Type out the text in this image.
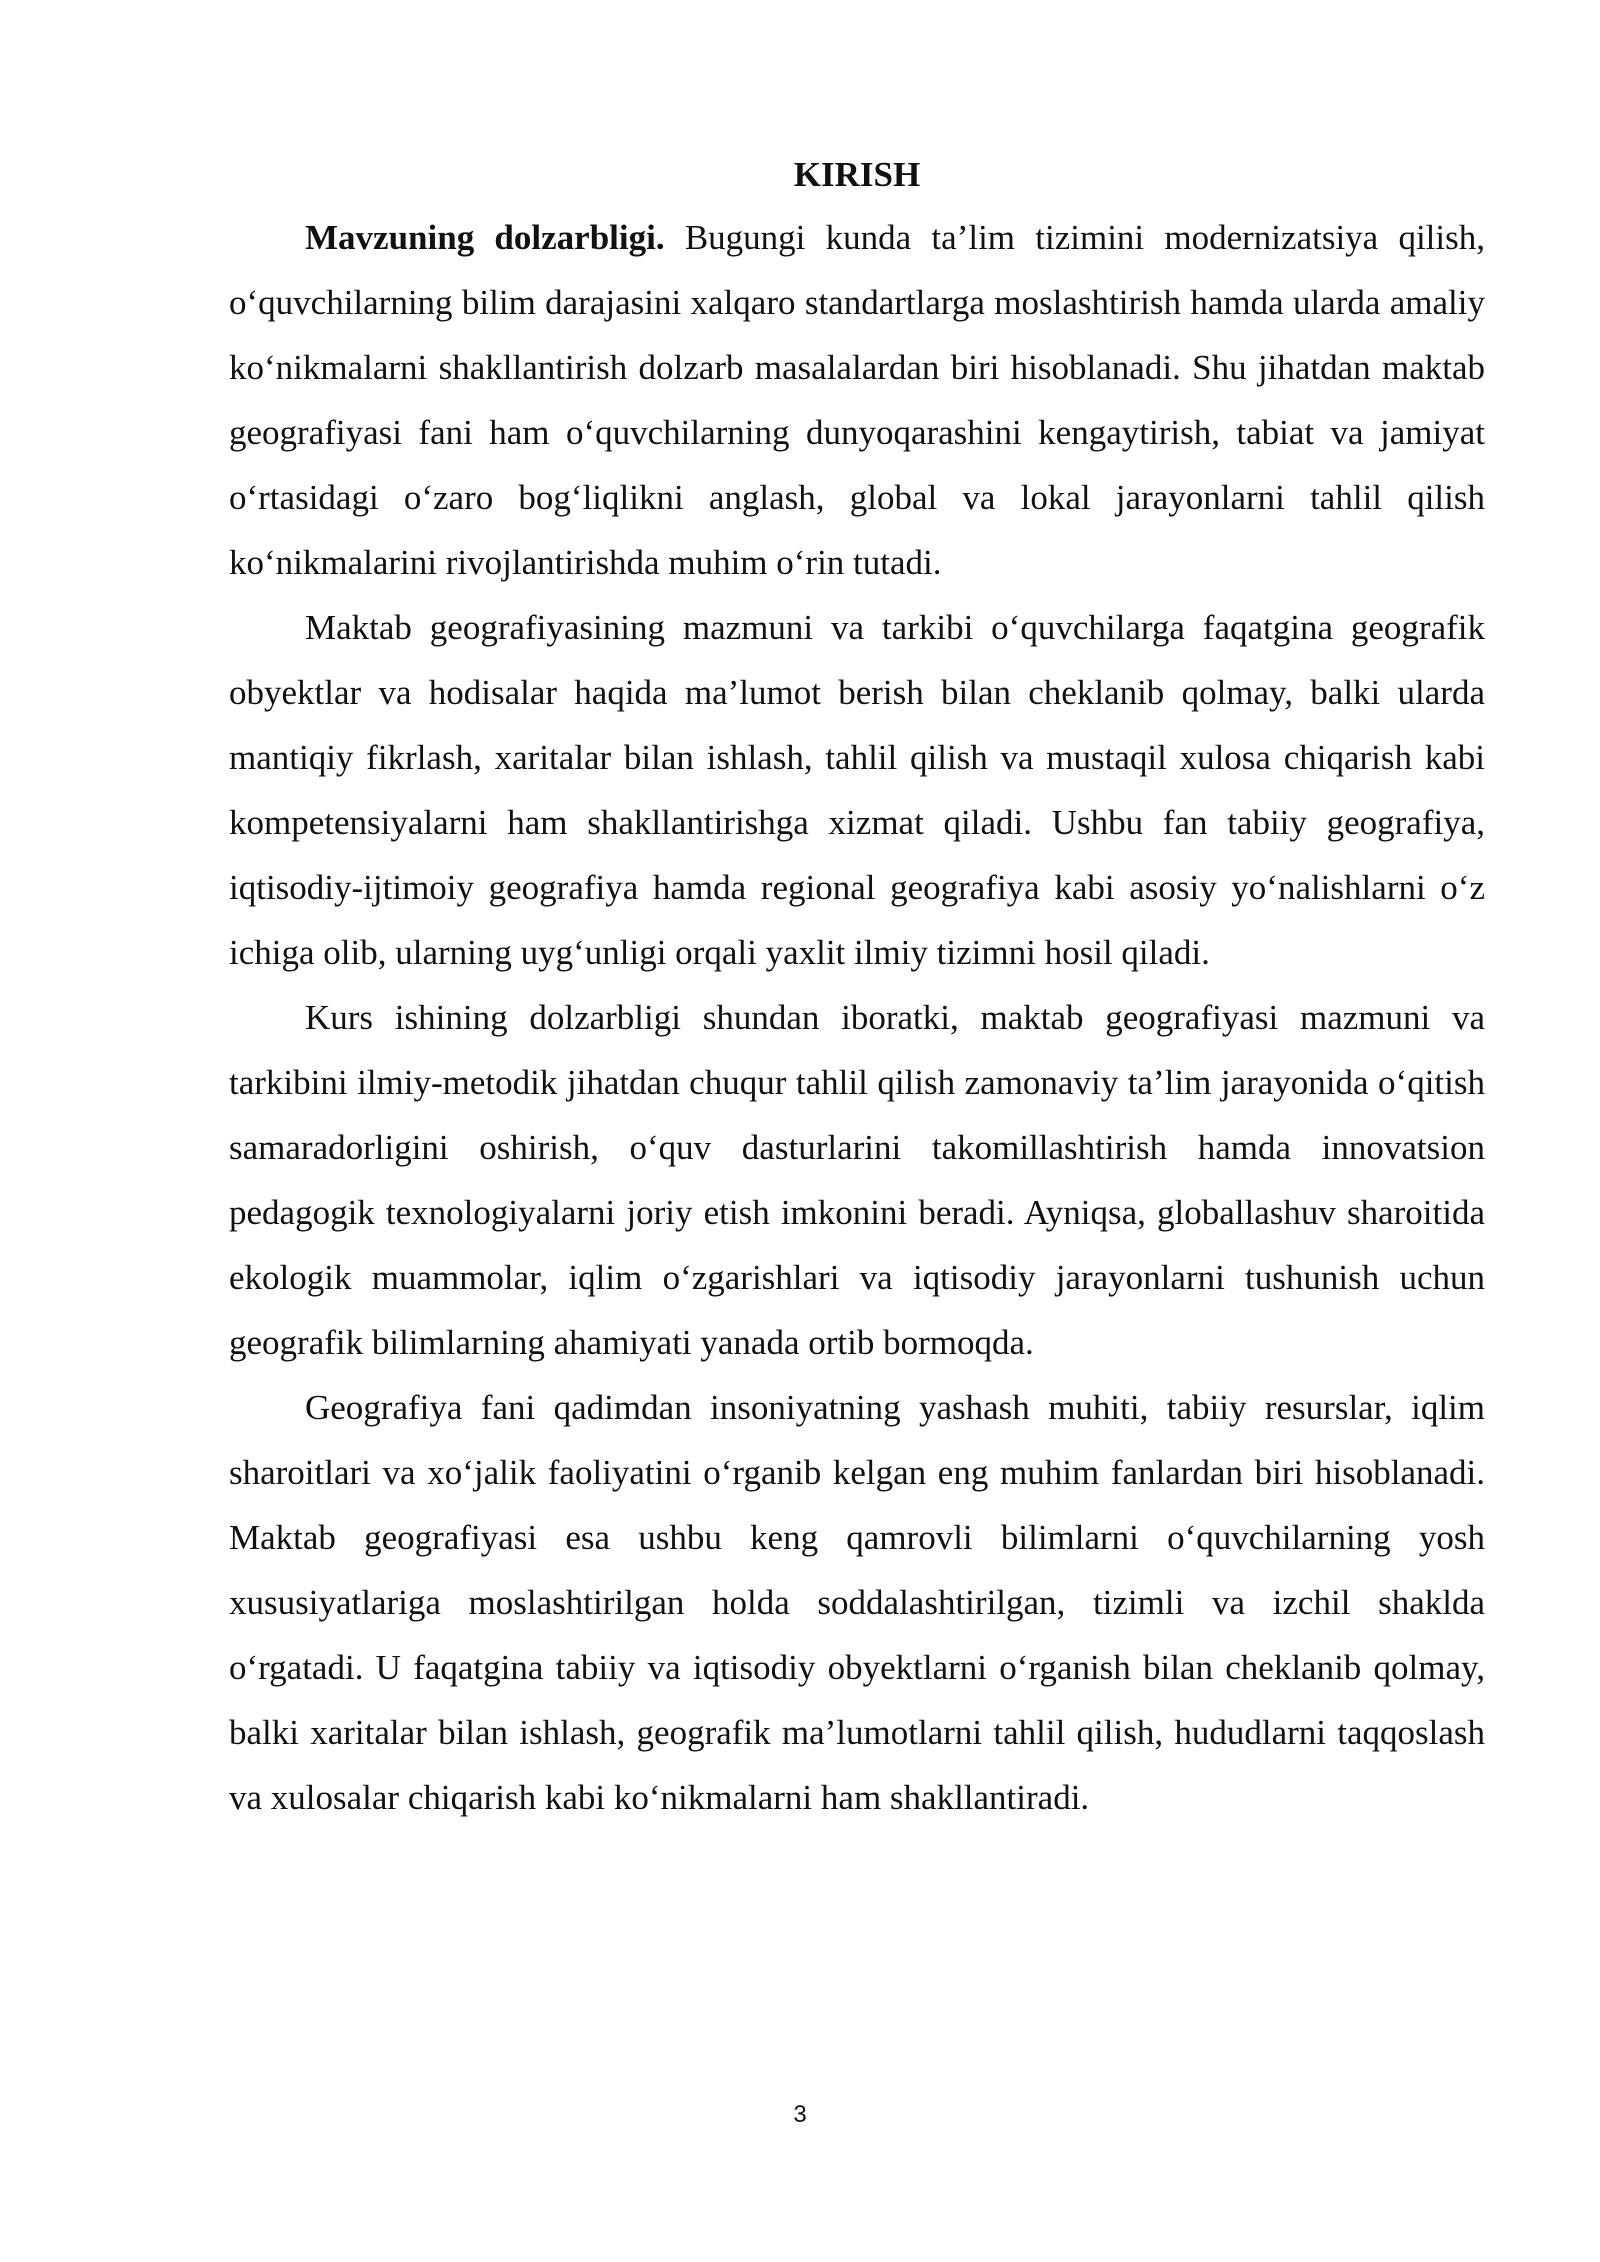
KIRISH

Mavzuning dolzarbligi. Bugungi kunda ta’lim tizimini modernizatsiya qilish, o‘quvchilarning bilim darajasini xalqaro standartlarga moslashtirish hamda ularda amaliy ko‘nikmalarni shakllantirish dolzarb masalalardan biri hisoblanadi. Shu jihatdan maktab geografiyasi fani ham o‘quvchilarning dunyoqarashini kengaytirish, tabiat va jamiyat o‘rtasidagi o‘zaro bog‘liqlikni anglash, global va lokal jarayonlarni tahlil qilish ko‘nikmalarini rivojlantirishda muhim o‘rin tutadi.

Maktab geografiyasining mazmuni va tarkibi o‘quvchilarga faqatgina geografik obyektlar va hodisalar haqida ma’lumot berish bilan cheklanib qolmay, balki ularda mantiqiy fikrlash, xaritalar bilan ishlash, tahlil qilish va mustaqil xulosa chiqarish kabi kompetensiyalarni ham shakllantirishga xizmat qiladi. Ushbu fan tabiiy geografiya, iqtisodiy-ijtimoiy geografiya hamda regional geografiya kabi asosiy yo‘nalishlarni o‘z ichiga olib, ularning uyg‘unligi orqali yaxlit ilmiy tizimni hosil qiladi.

Kurs ishining dolzarbligi shundan iboratki, maktab geografiyasi mazmuni va tarkibini ilmiy-metodik jihatdan chuqur tahlil qilish zamonaviy ta’lim jarayonida o‘qitish samaradorligini oshirish, o‘quv dasturlarini takomillashtirish hamda innovatsion pedagogik texnologiyalarni joriy etish imkonini beradi. Ayniqsa, globallashuv sharoitida ekologik muammolar, iqlim o‘zgarishlari va iqtisodiy jarayonlarni tushunish uchun geografik bilimlarning ahamiyati yanada ortib bormoqda.

Geografiya fani qadimdan insoniyatning yashash muhiti, tabiiy resurslar, iqlim sharoitlari va xo‘jalik faoliyatini o‘rganib kelgan eng muhim fanlardan biri hisoblanadi. Maktab geografiyasi esa ushbu keng qamrovli bilimlarni o‘quvchilarning yosh xususiyatlariga moslashtirilgan holda soddalashtirilgan, tizimli va izchil shaklda o‘rgatadi. U faqatgina tabiiy va iqtisodiy obyektlarni o‘rganish bilan cheklanib qolmay, balki xaritalar bilan ishlash, geografik ma’lumotlarni tahlil qilish, hududlarni taqqoslash va xulosalar chiqarish kabi ko‘nikmalarni ham shakllantiradi.

3
